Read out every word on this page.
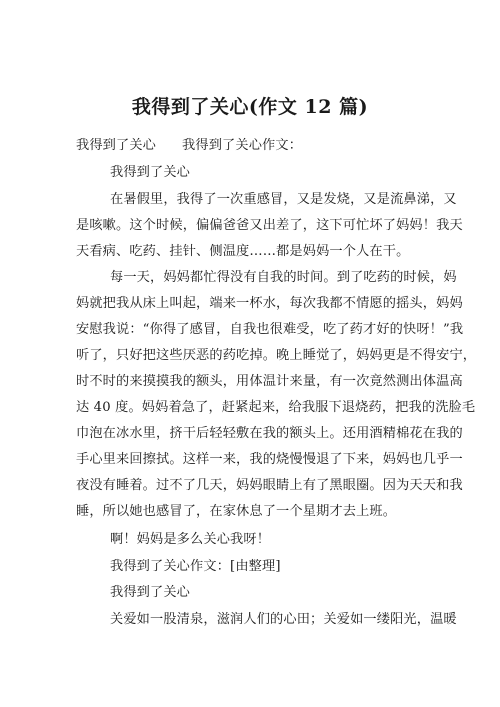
我得到了关心(作文 12 篇)
我得到了关心 我得到了关心作文：
我得到了关心
在暑假里，我得了一次重感冒，又是发烧，又是流鼻涕，又
是咳嗽。这个时候，偏偏爸爸又出差了，这下可忙坏了妈妈！我天
天看病、吃药、挂针、侧温度……都是妈妈一个人在干。
每一天，妈妈都忙得没有自我的时间。到了吃药的时候，妈
妈就把我从床上叫起，端来一杯水，每次我都不情愿的摇头，妈妈
安慰我说：“你得了感冒，自我也很难受，吃了药才好的快呀！”我
听了，只好把这些厌恶的药吃掉。晚上睡觉了，妈妈更是不得安宁，
时不时的来摸摸我的额头，用体温计来量，有一次竟然测出体温高
达 40 度。妈妈着急了，赶紧起来，给我服下退烧药，把我的洗脸毛
巾泡在冰水里，挤干后轻轻敷在我的额头上。还用酒精棉花在我的
手心里来回擦拭。这样一来，我的烧慢慢退了下来，妈妈也几乎一
夜没有睡着。过不了几天，妈妈眼睛上有了黑眼圈。因为天天和我
睡，所以她也感冒了，在家休息了一个星期才去上班。
啊！妈妈是多么关心我呀！
我得到了关心作文：[由整理]
我得到了关心
关爱如一股清泉，滋润人们的心田；关爱如一缕阳光，温暖
